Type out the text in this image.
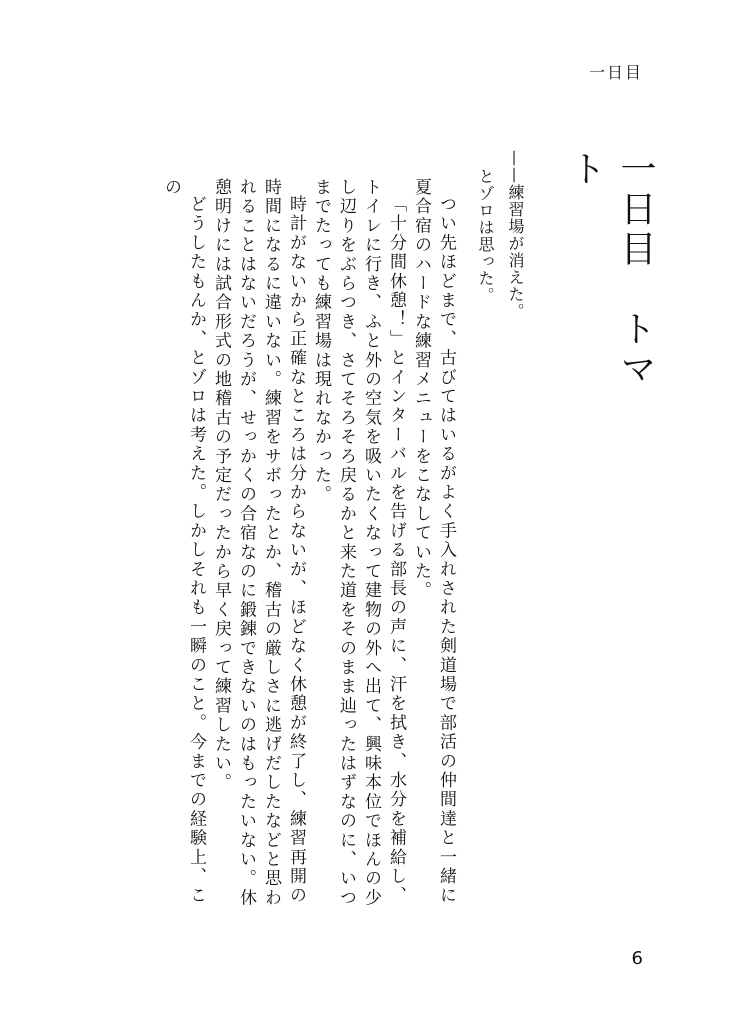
一日目
一日目　トマト

——練習場が消えた。

とゾロは思った。

つい先ほどまで、古びてはいるがよく手入れされた剣道場で部活の仲間達と一緒に夏合宿のハードな練習メニューをこなしていた。

「十分間休憩！」とインターバルを告げる部長の声に、汗を拭き、水分を補給し、トイレに行き、ふと外の空気を吸いたくなって建物の外へ出て、興味本位でほんの少し辺りをぶらつき、さてそろそろ戻るかと来た道をそのまま辿ったはずなのに、いつまでたっても練習場は現れなかった。

時計がないから正確なところは分からないが、ほどなく休憩が終了し、練習再開の時間になるに違いない。練習をサボったとか、稽古の厳しさに逃げだしたなどと思われることはないだろうが、せっかくの合宿なのに鍛錬できないのはもったいない。休憩明けには試合形式の地稽古の予定だったから早く戻って練習したい。

どうしたもんか、とゾロは考えた。しかしそれも一瞬のこと。今までの経験上、この

6
